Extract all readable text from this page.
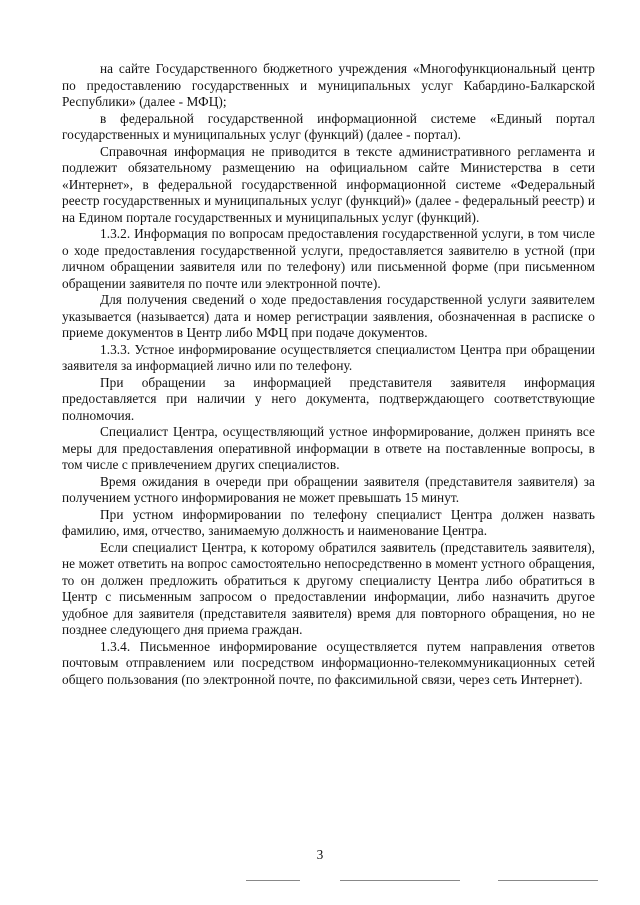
на сайте Государственного бюджетного учреждения «Многофункциональный центр по предоставлению государственных и муниципальных услуг Кабардино-Балкарской Республики» (далее - МФЦ);

в федеральной государственной информационной системе «Единый портал государственных и муниципальных услуг (функций) (далее - портал).

Справочная информация не приводится в тексте административного регламента и подлежит обязательному размещению на официальном сайте Министерства в сети «Интернет», в федеральной государственной информационной системе «Федеральный реестр государственных и муниципальных услуг (функций)» (далее - федеральный реестр) и на Едином портале государственных и муниципальных услуг (функций).

1.3.2. Информация по вопросам предоставления государственной услуги, в том числе о ходе предоставления государственной услуги, предоставляется заявителю в устной (при личном обращении заявителя или по телефону) или письменной форме (при письменном обращении заявителя по почте или электронной почте).

Для получения сведений о ходе предоставления государственной услуги заявителем указывается (называется) дата и номер регистрации заявления, обозначенная в расписке о приеме документов в Центр либо МФЦ при подаче документов.

1.3.3. Устное информирование осуществляется специалистом Центра при обращении заявителя за информацией лично или по телефону.

При обращении за информацией представителя заявителя информация предоставляется при наличии у него документа, подтверждающего соответствующие полномочия.

Специалист Центра, осуществляющий устное информирование, должен принять все меры для предоставления оперативной информации в ответе на поставленные вопросы, в том числе с привлечением других специалистов.

Время ожидания в очереди при обращении заявителя (представителя заявителя) за получением устного информирования не может превышать 15 минут.

При устном информировании по телефону специалист Центра должен назвать фамилию, имя, отчество, занимаемую должность и наименование Центра.

Если специалист Центра, к которому обратился заявитель (представитель заявителя), не может ответить на вопрос самостоятельно непосредственно в момент устного обращения, то он должен предложить обратиться к другому специалисту Центра либо обратиться в Центр с письменным запросом о предоставлении информации, либо назначить другое удобное для заявителя (представителя заявителя) время для повторного обращения, но не позднее следующего дня приема граждан.

1.3.4. Письменное информирование осуществляется путем направления ответов почтовым отправлением или посредством информационно-телекоммуникационных сетей общего пользования (по электронной почте, по факсимильной связи, через сеть Интернет).

3
